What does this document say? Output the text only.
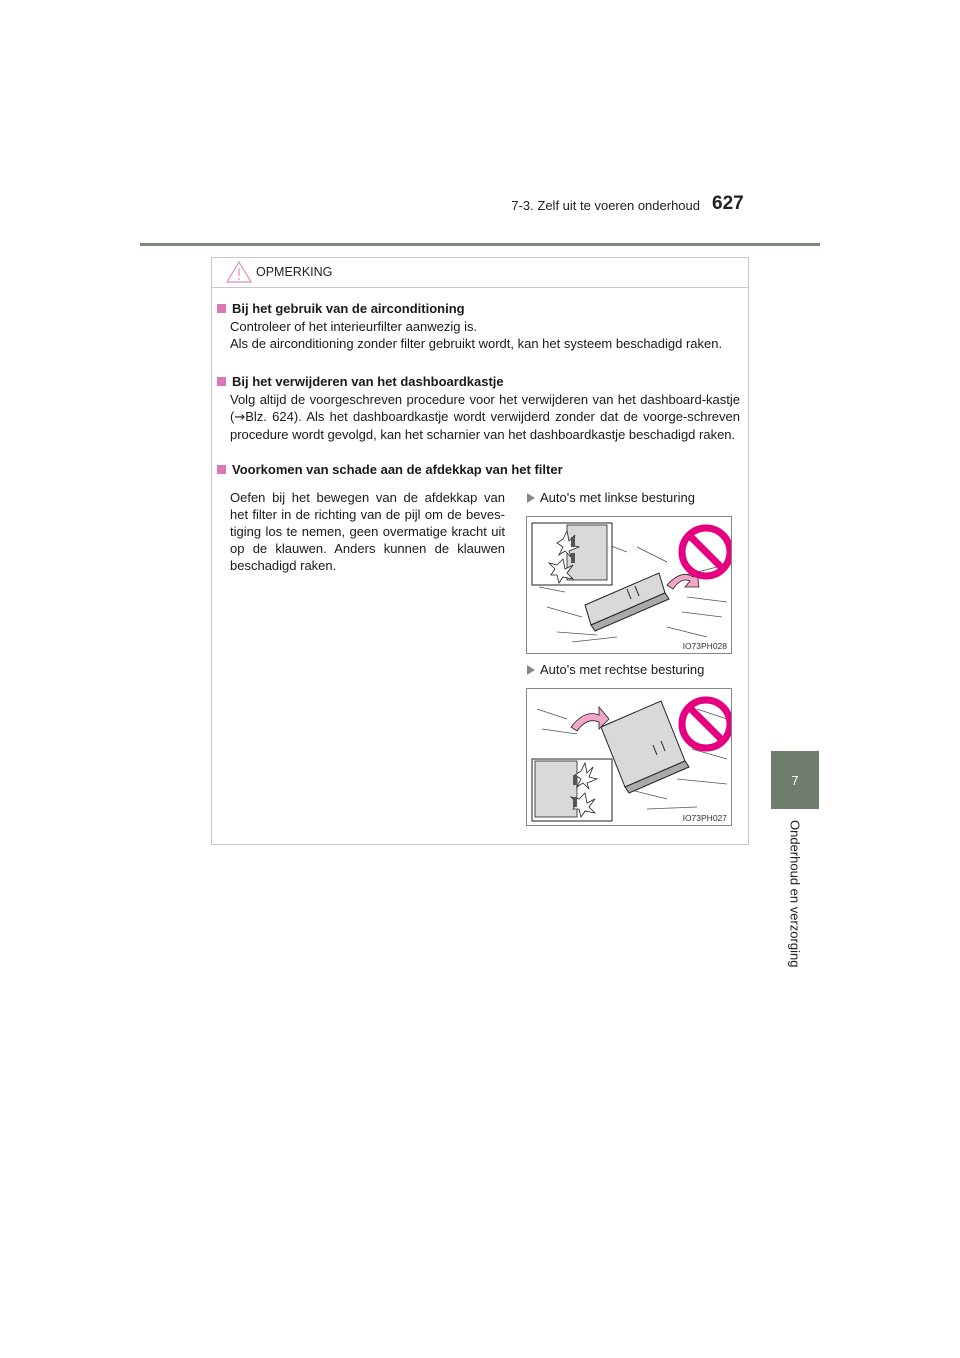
7-3. Zelf uit te voeren onderhoud 627
7
Onderhoud en verzorging
OPMERKING
Bij het gebruik van de airconditioning

Controleer of het interieurfilter aanwezig is.

Als de airconditioning zonder filter gebruikt wordt, kan het systeem beschadigd raken.

Bij het verwijderen van het dashboardkastje

Volg altijd de voorgeschreven procedure voor het verwijderen van het dashboard-kastje (→Blz. 624). Als het dashboardkastje wordt verwijderd zonder dat de voorge-schreven procedure wordt gevolgd, kan het scharnier van het dashboardkastje beschadigd raken.

Voorkomen van schade aan de afdekkap van het filter
Oefen bij het bewegen van de afdekkap van het filter in de richting van de pijl om de beves-tiging los te nemen, geen overmatige kracht uit op de klauwen. Anders kunnen de klauwen beschadigd raken.
Auto's met linkse besturing
IO73PH028
Auto's met rechtse besturing
IO73PH027
